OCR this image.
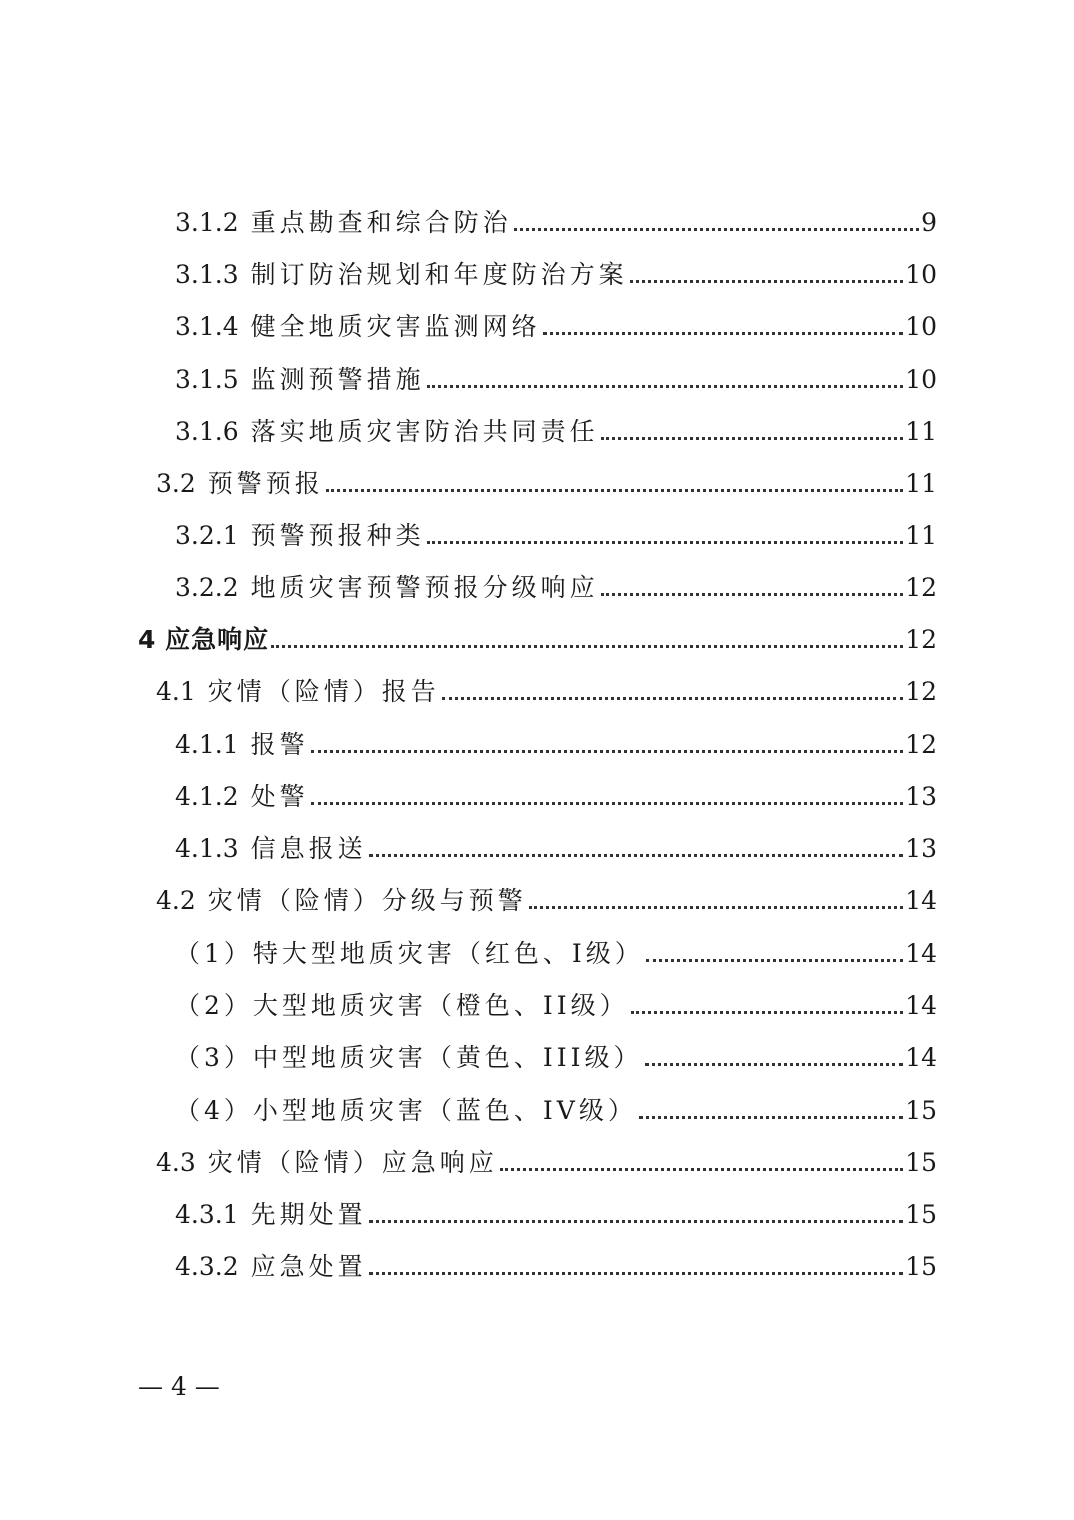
3.1.2 重点勘查和综合防治	9
3.1.3 制订防治规划和年度防治方案	10
3.1.4 健全地质灾害监测网络	10
3.1.5 监测预警措施	10
3.1.6 落实地质灾害防治共同责任	11
3.2 预警预报	11
3.2.1 预警预报种类	11
3.2.2 地质灾害预警预报分级响应	12
4 应急响应	12
4.1 灾情（险情）报告	12
4.1.1 报警	12
4.1.2 处警	13
4.1.3 信息报送	13
4.2 灾情（险情）分级与预警	14
（1）特大型地质灾害（红色、I级）	14
（2）大型地质灾害（橙色、II级）	14
（3）中型地质灾害（黄色、III级）	14
（4）小型地质灾害（蓝色、IV级）	15
4.3 灾情（险情）应急响应	15
4.3.1 先期处置	15
4.3.2 应急处置	15
— 4 —
